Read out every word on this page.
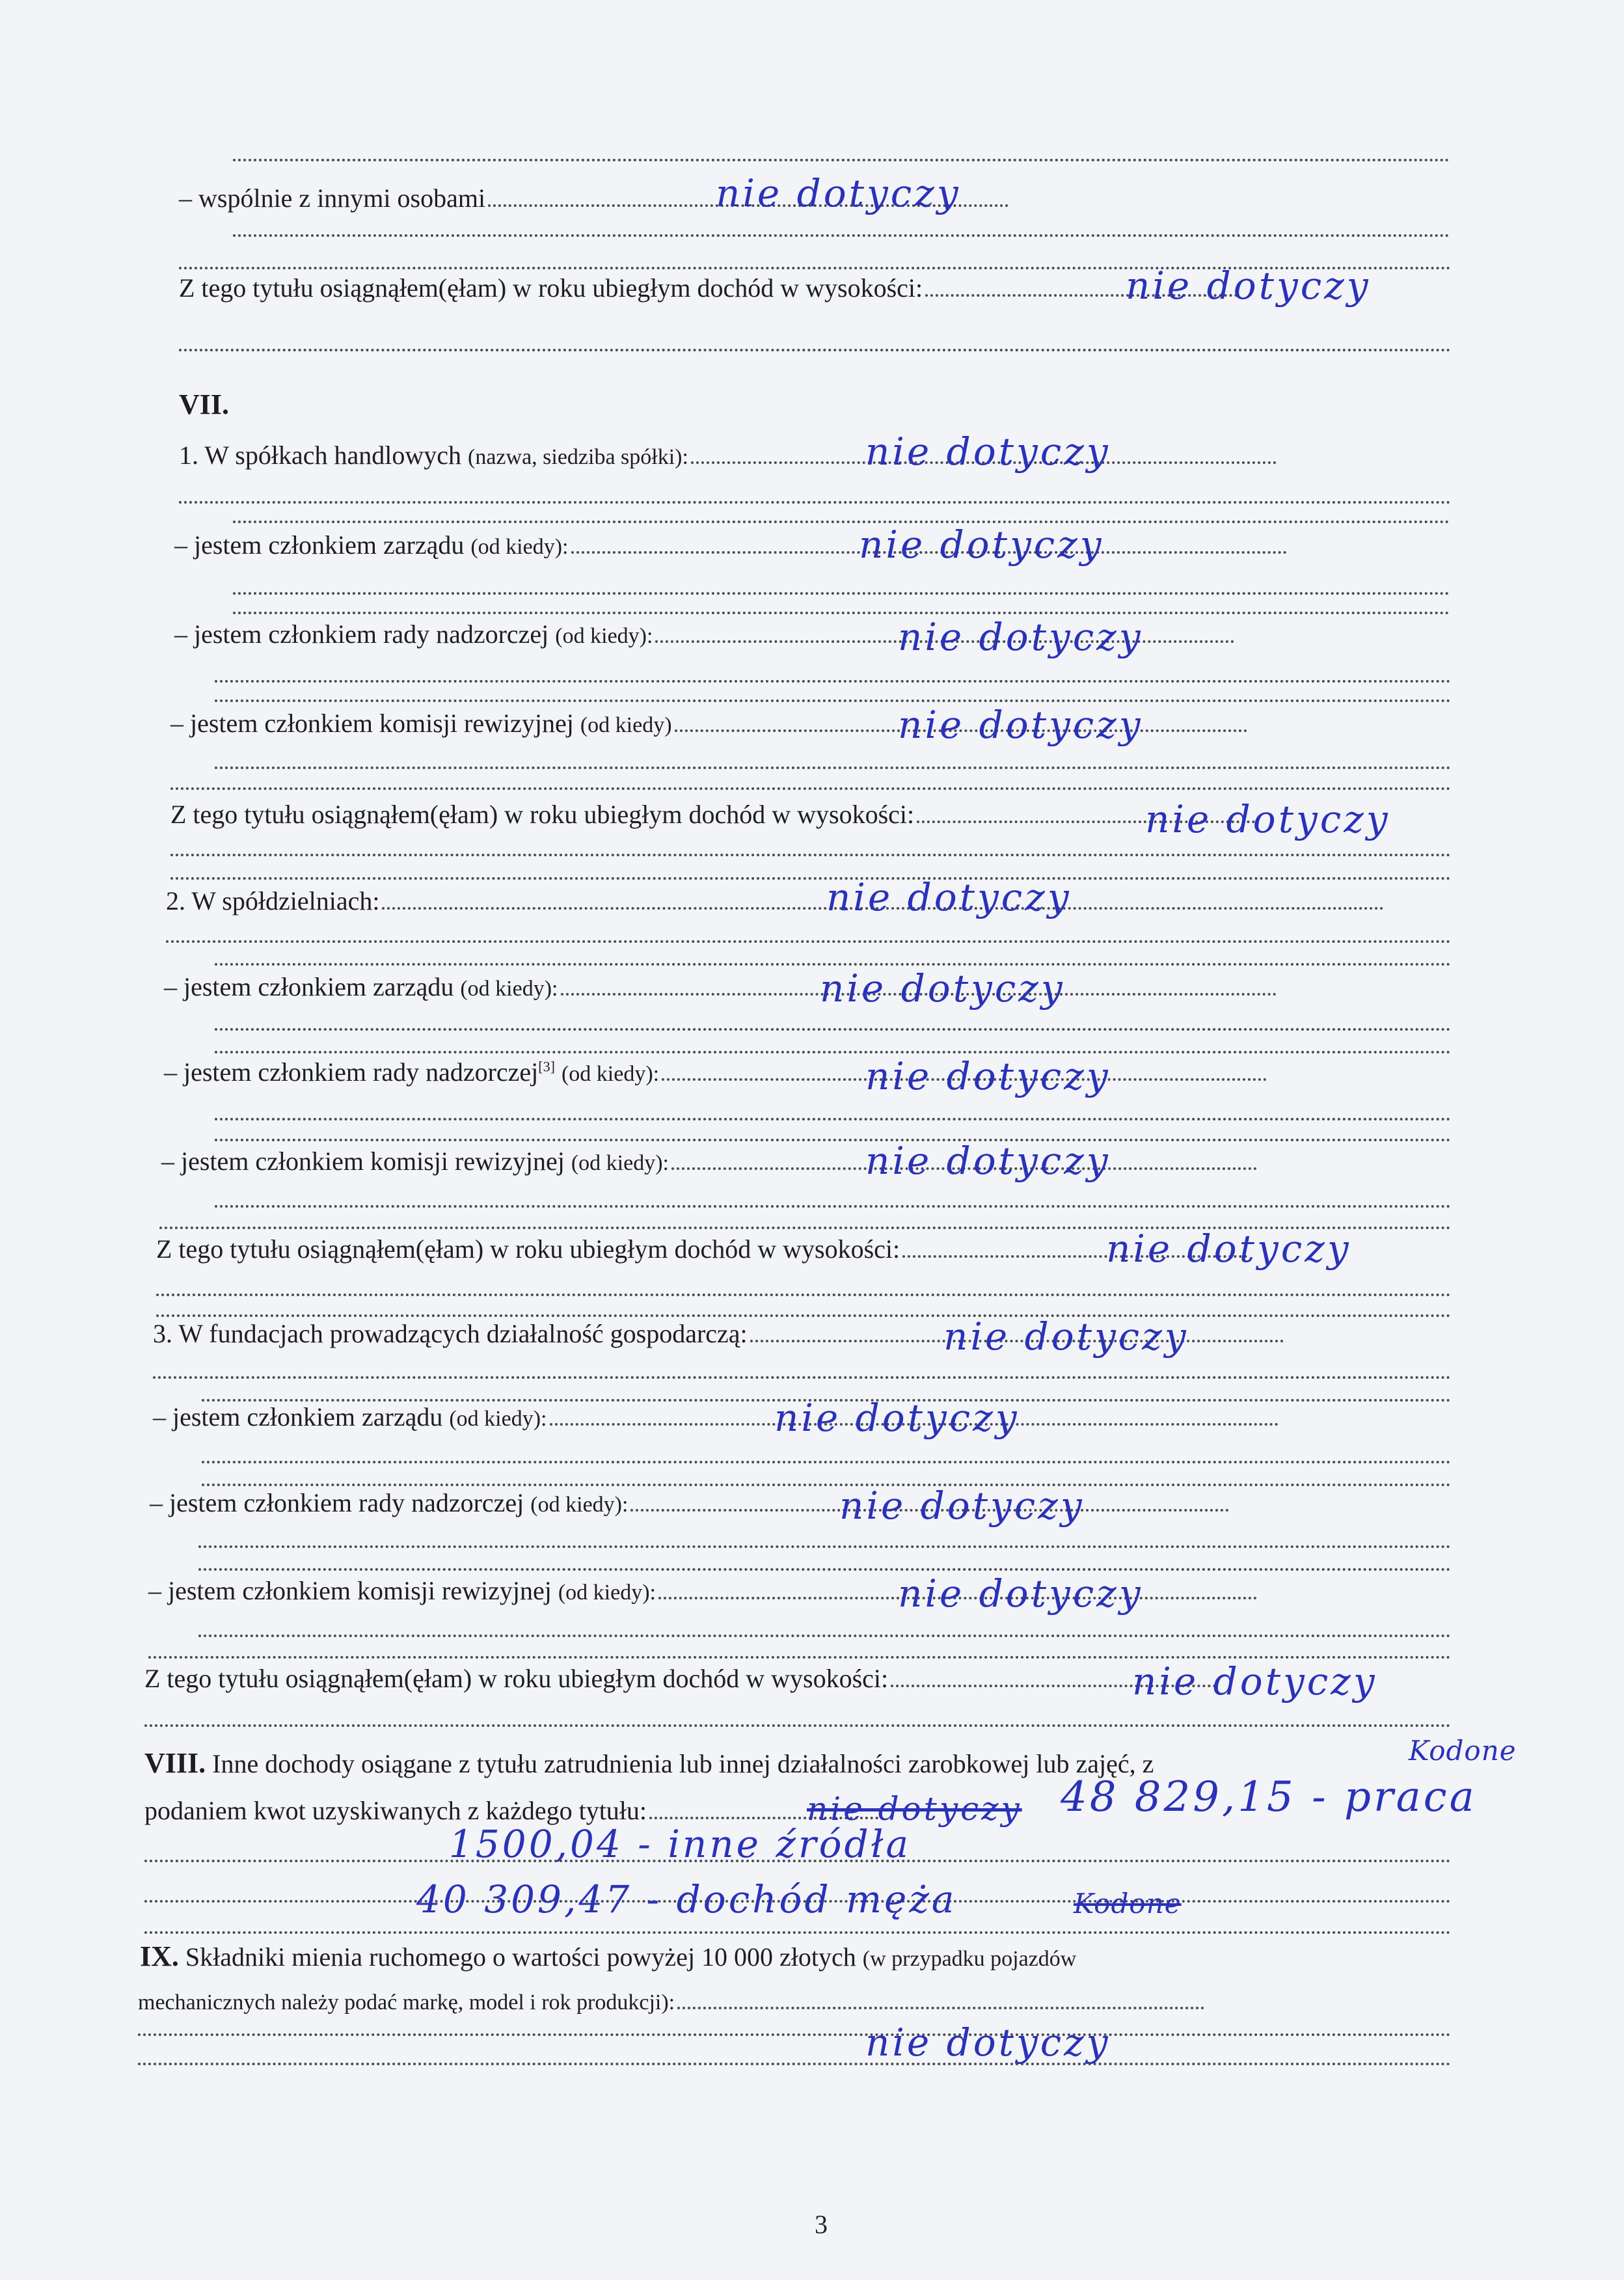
– wspólnie z innymi osobami	nie dotyczy
Z tego tytułu osiągnąłem(ęłam) w roku ubiegłym dochód w wysokości:	nie dotyczy
VII.
1. W spółkach handlowych (nazwa, siedziba spółki):	nie dotyczy
– jestem członkiem zarządu (od kiedy):	nie dotyczy
– jestem członkiem rady nadzorczej (od kiedy):	nie dotyczy
– jestem członkiem komisji rewizyjnej (od kiedy)	nie dotyczy
Z tego tytułu osiągnąłem(ęłam) w roku ubiegłym dochód w wysokości:	nie dotyczy
2. W spółdzielniach:	nie dotyczy
– jestem członkiem zarządu (od kiedy):	nie dotyczy
– jestem członkiem rady nadzorczej[3] (od kiedy):	nie dotyczy
– jestem członkiem komisji rewizyjnej (od kiedy):	nie dotyczy
Z tego tytułu osiągnąłem(ęłam) w roku ubiegłym dochód w wysokości:	nie dotyczy
3. W fundacjach prowadzących działalność gospodarczą:	nie dotyczy
– jestem członkiem zarządu (od kiedy):	nie dotyczy
– jestem członkiem rady nadzorczej (od kiedy):	nie dotyczy
– jestem członkiem komisji rewizyjnej (od kiedy):	nie dotyczy
Z tego tytułu osiągnąłem(ęłam) w roku ubiegłym dochód w wysokości:	nie dotyczy
VIII. Inne dochody osiągane z tytułu zatrudnienia lub innej działalności zarobkowej lub zajęć, z	Kodone
podaniem kwot uzyskiwanych z każdego tytułu:	nie dotyczy 48 829,15 - praca
1500,04 - inne źródła
40 309,47 - dochód męża	Kodone
IX. Składniki mienia ruchomego o wartości powyżej 10 000 złotych (w przypadku pojazdów
mechanicznych należy podać markę, model i rok produkcji):
nie dotyczy
3
